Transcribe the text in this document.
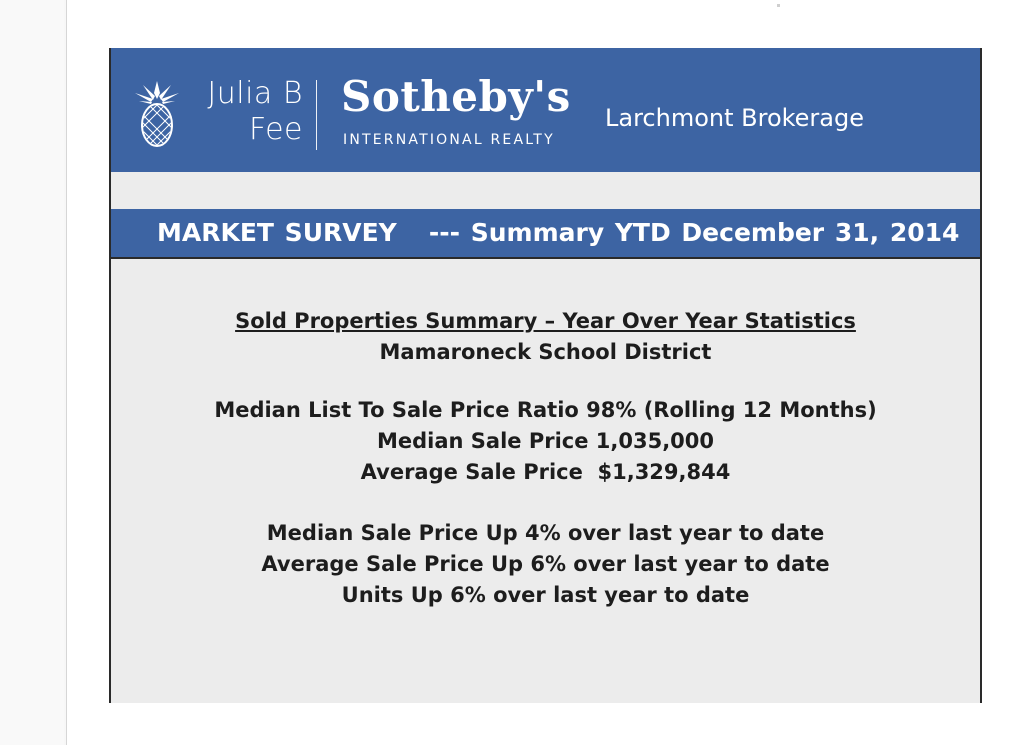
Julia B
Fee
Sotheby's
INTERNATIONAL REALTY
Larchmont Brokerage
MARKET SURVEY   --- Summary YTD December 31, 2014
Sold Properties Summary – Year Over Year Statistics
Mamaroneck School District
Median List To Sale Price Ratio 98% (Rolling 12 Months)
Median Sale Price 1,035,000
Average Sale Price  $1,329,844
Median Sale Price Up 4% over last year to date
Average Sale Price Up 6% over last year to date
Units Up 6% over last year to date
